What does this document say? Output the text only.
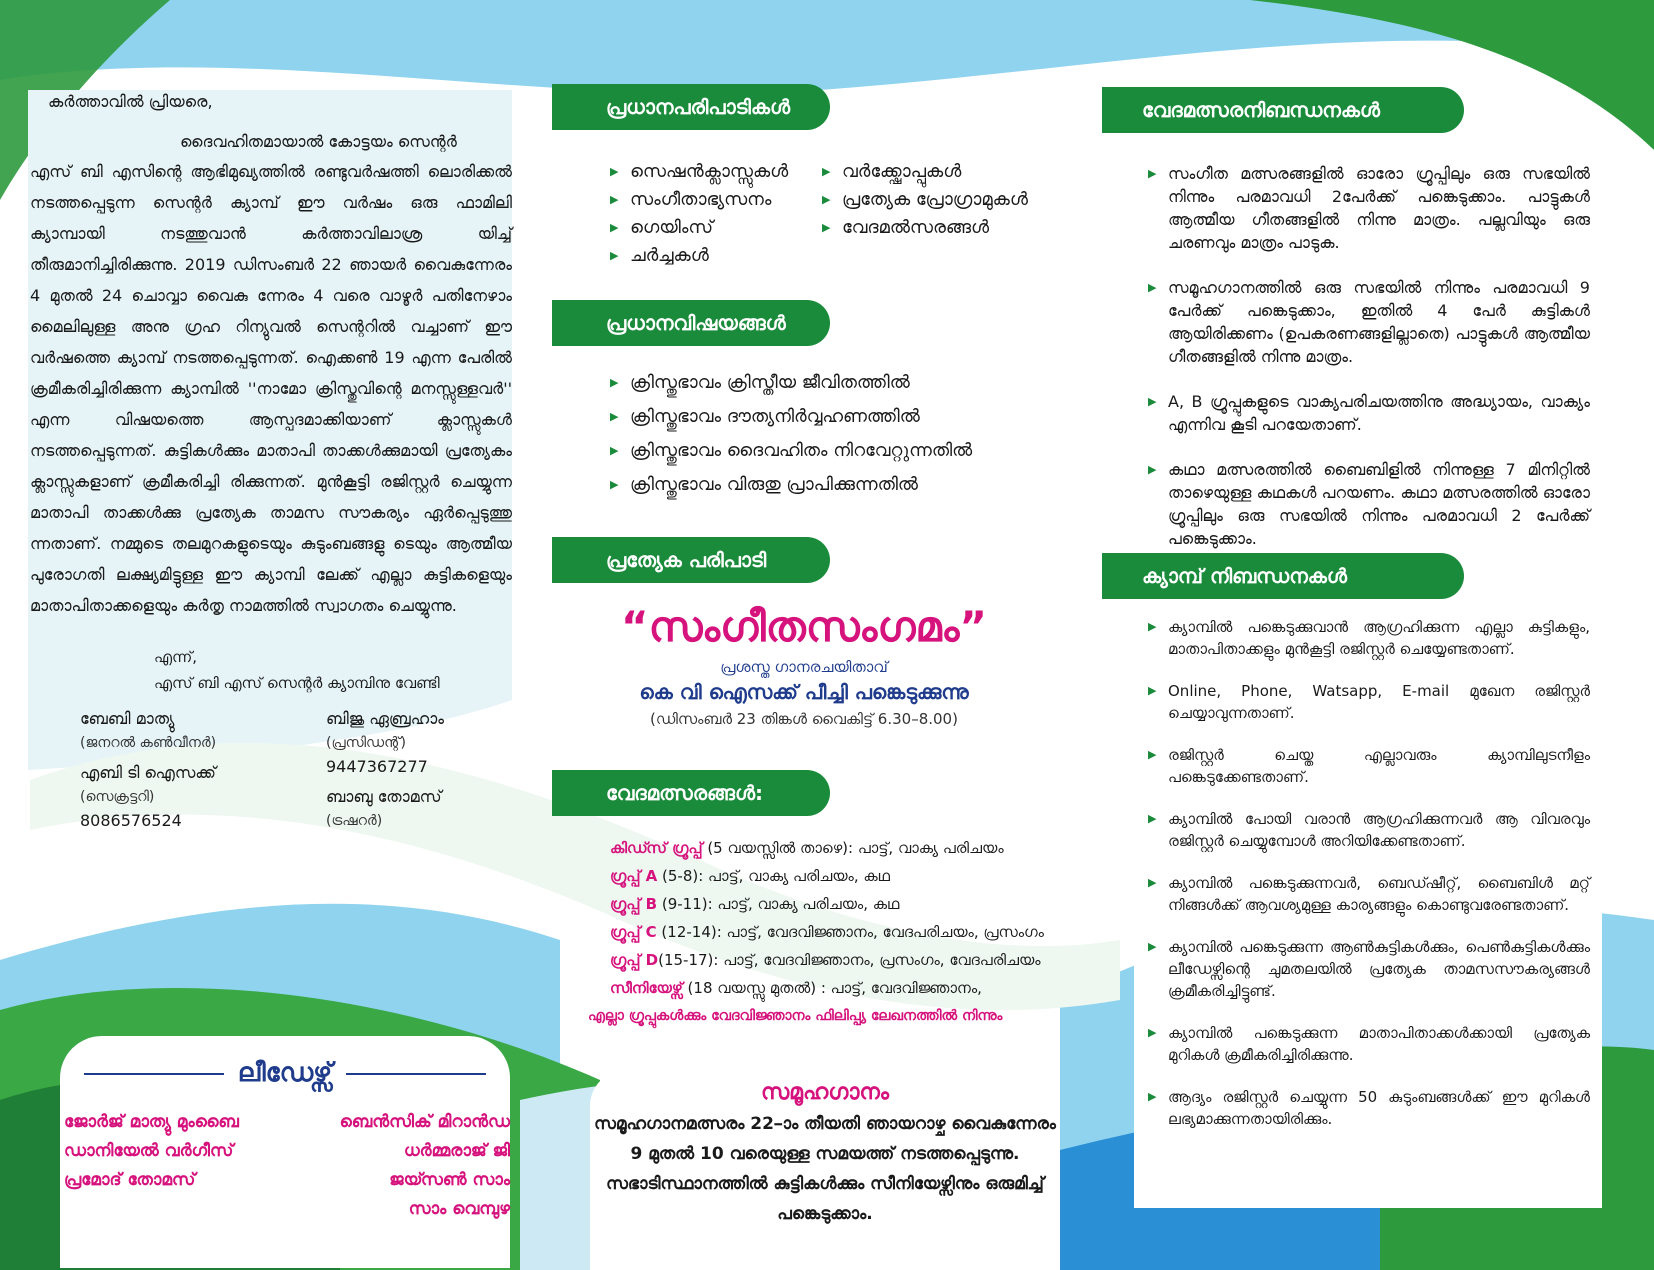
കർത്താവിൽ പ്രിയരെ,

ദൈവഹിതമായാൽ കോട്ടയം സെന്റർ

എസ് ബി എസിന്റെ ആഭിമുഖ്യത്തിൽ രണ്ടുവർഷത്തി ലൊരിക്കൽ നടത്തപ്പെടുന്ന സെന്റർ ക്യാമ്പ് ഈ വർഷം ഒരു ഫാമിലി ക്യാമ്പായി നടത്തുവാൻ കർത്താവിലാശ്ര യിച്ച് തീരുമാനിച്ചിരിക്കുന്നു. 2019 ഡിസംബർ 22 ഞായർ വൈകുന്നേരം 4 മുതൽ 24 ചൊവ്വാ വൈകു ന്നേരം 4 വരെ വാഴൂർ പതിനേഴാം മൈലിലുള്ള അനു ഗ്രഹ റിന്യുവൽ സെന്ററിൽ വച്ചാണ് ഈ വർഷത്തെ ക്യാമ്പ് നടത്തപ്പെടുന്നത്. ഐക്കൺ 19 എന്ന പേരിൽ ക്രമീകരിച്ചിരിക്കുന്ന ക്യാമ്പിൽ ''നാമോ ക്രിസ്തുവിന്റെ മനസ്സുള്ളവർ'' എന്ന വിഷയത്തെ ആസ്പദമാക്കിയാണ് ക്ലാസ്സുകൾ നടത്തപ്പെടുന്നത്. കുട്ടികൾക്കും മാതാപി താക്കൾക്കുമായി പ്രത്യേകം ക്ലാസ്സുകളാണ് ക്രമീകരിച്ചി രിക്കുന്നത്. മുൻകൂട്ടി രജിസ്റ്റർ ചെയ്യുന്ന മാതാപി താക്കൾക്കു പ്രത്യേക താമസ സൗകര്യം ഏർപ്പെടുത്തു ന്നതാണ്. നമ്മുടെ തലമുറകളുടെയും കുടുംബങ്ങളു ടെയും ആത്മീയ പുരോഗതി ലക്ഷ്യമിട്ടുള്ള ഈ ക്യാമ്പി ലേക്ക് എല്ലാ കുട്ടികളെയും മാതാപിതാക്കളെയും കർതൃ നാമത്തിൽ സ്വാഗതം ചെയ്യുന്നു.

എന്ന്,

എസ് ബി എസ് സെന്റർ ക്യാമ്പിനു വേണ്ടി

ബേബി മാത്യു
(ജനറൽ കൺവീനർ)
എബി ടി ഐസക്ക്
(സെക്രട്ടറി)
8086576524
ബിജു ഏബ്രഹാം
(പ്രസിഡന്റ്)
9447367277
ബാബു തോമസ്
(ട്രഷറർ)
ലീഡേഴ്സ്
ജോർജ് മാത്യു മുംബൈ
ഡാനിയേൽ വർഗീസ്
പ്രമോദ് തോമസ്
ബെൻസിക് മിറാൻഡ
ധർമ്മരാജ് ജി
ജയ്സൺ സാം
സാം വെമ്പുഴ
പ്രധാനപരിപാടികൾ
▶ സെഷൻക്ലാസ്സുകൾ
▶ സംഗീതാഭ്യസനം
▶ ഗെയിംസ്
▶ ചർച്ചകൾ
▶ വർക്ക്ഷോപ്പുകൾ
▶ പ്രത്യേക പ്രോഗ്രാമുകൾ
▶ വേദമൽസരങ്ങൾ
പ്രധാനവിഷയങ്ങൾ
▶ ക്രിസ്തുഭാവം ക്രിസ്തീയ ജീവിതത്തിൽ
▶ ക്രിസ്തുഭാവം ദൗത്യനിർവ്വഹണത്തിൽ
▶ ക്രിസ്തുഭാവം ദൈവഹിതം നിറവേറ്റുന്നതിൽ
▶ ക്രിസ്തുഭാവം വിരുതു പ്രാപിക്കുന്നതിൽ
പ്രത്യേക പരിപാടി
“സംഗീതസംഗമം”
പ്രശസ്ത ഗാനരചയിതാവ്
കെ വി ഐസക്ക് പീച്ചി പങ്കെടുക്കുന്നു
(ഡിസംബർ 23 തിങ്കൾ വൈകിട്ട് 6.30–8.00)
വേദമത്സരങ്ങൾ:
കിഡ്സ് ഗ്രൂപ്പ് (5 വയസ്സിൽ താഴെ): പാട്ട്, വാക്യ പരിചയം
ഗ്രൂപ്പ് A (5-8): പാട്ട്, വാക്യ പരിചയം, കഥ
ഗ്രൂപ്പ് B (9-11): പാട്ട്, വാക്യ പരിചയം, കഥ
ഗ്രൂപ്പ് C (12-14): പാട്ട്, വേദവിജ്ഞാനം, വേദപരിചയം, പ്രസംഗം
ഗ്രൂപ്പ് D(15-17): പാട്ട്, വേദവിജ്ഞാനം, പ്രസംഗം, വേദപരിചയം
സീനിയേഴ്സ് (18 വയസ്സു മുതൽ) : പാട്ട്, വേദവിജ്ഞാനം,
എല്ലാ ഗ്രൂപ്പുകൾക്കും വേദവിജ്ഞാനം ഫിലിപ്പ്യ ലേഖനത്തിൽ നിന്നും
സമൂഹഗാനം
സമൂഹഗാനമത്സരം 22–ാം തീയതി ഞായറാഴ്ച വൈകുന്നേരം 9 മുതൽ 10 വരെയുള്ള സമയത്ത് നടത്തപ്പെടുന്നു. സഭാടിസ്ഥാനത്തിൽ കുട്ടികൾക്കും സീനിയേഴ്സിനും ഒരുമിച്ച് പങ്കെടുക്കാം.
വേദമത്സരനിബന്ധനകൾ
▶ സംഗീത മത്സരങ്ങളിൽ ഓരോ ഗ്രൂപ്പിലും ഒരു സഭയിൽ നിന്നും പരമാവധി 2പേർക്ക് പങ്കെടുക്കാം. പാട്ടുകൾ ആത്മീയ ഗീതങ്ങളിൽ നിന്നു മാത്രം. പല്ലവിയും ഒരു ചരണവും മാത്രം പാടുക.
▶ സമൂഹഗാനത്തിൽ ഒരു സഭയിൽ നിന്നും പരമാവധി 9 പേർക്ക് പങ്കെടുക്കാം, ഇതിൽ 4 പേർ കുട്ടികൾ ആയിരിക്കണം (ഉപകരണങ്ങളില്ലാതെ) പാട്ടുകൾ ആത്മീയ ഗീതങ്ങളിൽ നിന്നു മാത്രം.
▶ A, B ഗ്രൂപ്പുകളുടെ വാക്യപരിചയത്തിനു അദ്ധ്യായം, വാക്യം എന്നിവ കൂടി പറയേതാണ്.
▶ കഥാ മത്സരത്തിൽ ബൈബിളിൽ നിന്നുള്ള 7 മിനിറ്റിൽ താഴെയുള്ള കഥകൾ പറയണം. കഥാ മത്സരത്തിൽ ഓരോ ഗ്രൂപ്പിലും ഒരു സഭയിൽ നിന്നും പരമാവധി 2 പേർക്ക് പങ്കെടുക്കാം.
ക്യാമ്പ് നിബന്ധനകൾ
▶ ക്യാമ്പിൽ പങ്കെടുക്കുവാൻ ആഗ്രഹിക്കുന്ന എല്ലാ കുട്ടികളും, മാതാപിതാക്കളും മുൻകൂട്ടി രജിസ്റ്റർ ചെയ്യേണ്ടതാണ്.
▶ Online, Phone, Watsapp, E-mail മുഖേന രജിസ്റ്റർ ചെയ്യാവുന്നതാണ്.
▶ രജിസ്റ്റർ ചെയ്ത എല്ലാവരും ക്യാമ്പിലുടനീളം പങ്കെടുക്കേണ്ടതാണ്.
▶ ക്യാമ്പിൽ പോയി വരാൻ ആഗ്രഹിക്കുന്നവർ ആ വിവരവും രജിസ്റ്റർ ചെയ്യുമ്പോൾ അറിയിക്കേണ്ടതാണ്.
▶ ക്യാമ്പിൽ പങ്കെടുക്കുന്നവർ, ബെഡ്ഷീറ്റ്, ബൈബിൾ മറ്റ് നിങ്ങൾക്ക് ആവശ്യമുള്ള കാര്യങ്ങളും കൊണ്ടുവരേണ്ടതാണ്.
▶ ക്യാമ്പിൽ പങ്കെടുക്കുന്ന ആൺകുട്ടികൾക്കും, പെൺകുട്ടികൾക്കും ലീഡേഴ്സിന്റെ ചുമതലയിൽ പ്രത്യേക താമസസൗകര്യങ്ങൾ ക്രമീകരിച്ചിട്ടുണ്ട്.
▶ ക്യാമ്പിൽ പങ്കെടുക്കുന്ന മാതാപിതാക്കൾക്കായി പ്രത്യേക മുറികൾ ക്രമീകരിച്ചിരിക്കുന്നു.
▶ ആദ്യം രജിസ്റ്റർ ചെയ്യുന്ന 50 കുടുംബങ്ങൾക്ക് ഈ മുറികൾ ലഭ്യമാക്കുന്നതായിരിക്കും.
